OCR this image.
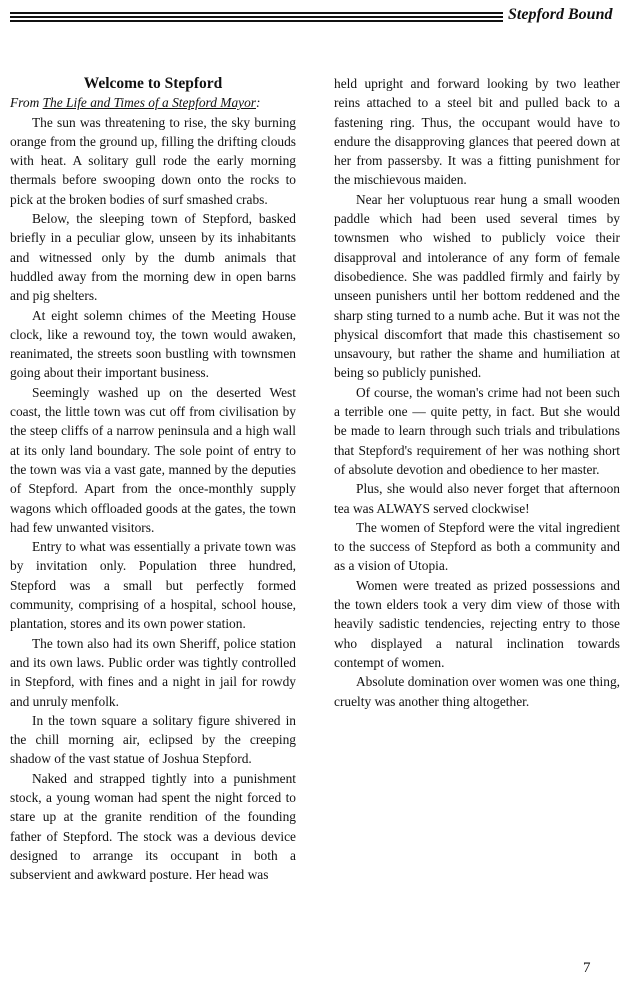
Stepford Bound

Welcome to Stepford

From The Life and Times of a Stepford Mayor:

The sun was threatening to rise, the sky burning orange from the ground up, filling the drifting clouds with heat. A solitary gull rode the early morning thermals before swooping down onto the rocks to pick at the broken bodies of surf smashed crabs.

Below, the sleeping town of Stepford, basked briefly in a peculiar glow, unseen by its inhabitants and witnessed only by the dumb animals that huddled away from the morning dew in open barns and pig shelters.

At eight solemn chimes of the Meeting House clock, like a rewound toy, the town would awaken, reanimated, the streets soon bustling with townsmen going about their important business.

Seemingly washed up on the deserted West coast, the little town was cut off from civilisation by the steep cliffs of a narrow peninsula and a high wall at its only land boundary. The sole point of entry to the town was via a vast gate, manned by the deputies of Stepford. Apart from the once-monthly supply wagons which offloaded goods at the gates, the town had few unwanted visitors.

Entry to what was essentially a private town was by invitation only. Population three hundred, Stepford was a small but perfectly formed community, comprising of a hospital, school house, plantation, stores and its own power station.

The town also had its own Sheriff, police station and its own laws. Public order was tightly controlled in Stepford, with fines and a night in jail for rowdy and unruly menfolk.

In the town square a solitary figure shivered in the chill morning air, eclipsed by the creeping shadow of the vast statue of Joshua Stepford.

Naked and strapped tightly into a punishment stock, a young woman had spent the night forced to stare up at the granite rendition of the founding father of Stepford. The stock was a devious device designed to arrange its occupant in both a subservient and awkward posture. Her head was

held upright and forward looking by two leather reins attached to a steel bit and pulled back to a fastening ring. Thus, the occupant would have to endure the disapproving glances that peered down at her from passersby. It was a fitting punishment for the mischievous maiden.

Near her voluptuous rear hung a small wooden paddle which had been used several times by townsmen who wished to publicly voice their disapproval and intolerance of any form of female disobedience. She was paddled firmly and fairly by unseen punishers until her bottom reddened and the sharp sting turned to a numb ache. But it was not the physical discomfort that made this chastisement so unsavoury, but rather the shame and humiliation at being so publicly punished.

Of course, the woman's crime had not been such a terrible one — quite petty, in fact. But she would be made to learn through such trials and tribulations that Stepford's requirement of her was nothing short of absolute devotion and obedience to her master.

Plus, she would also never forget that afternoon tea was ALWAYS served clockwise!

The women of Stepford were the vital ingredient to the success of Stepford as both a community and as a vision of Utopia.

Women were treated as prized possessions and the town elders took a very dim view of those with heavily sadistic tendencies, rejecting entry to those who displayed a natural inclination towards contempt of women.

Absolute domination over women was one thing, cruelty was another thing altogether.

7
